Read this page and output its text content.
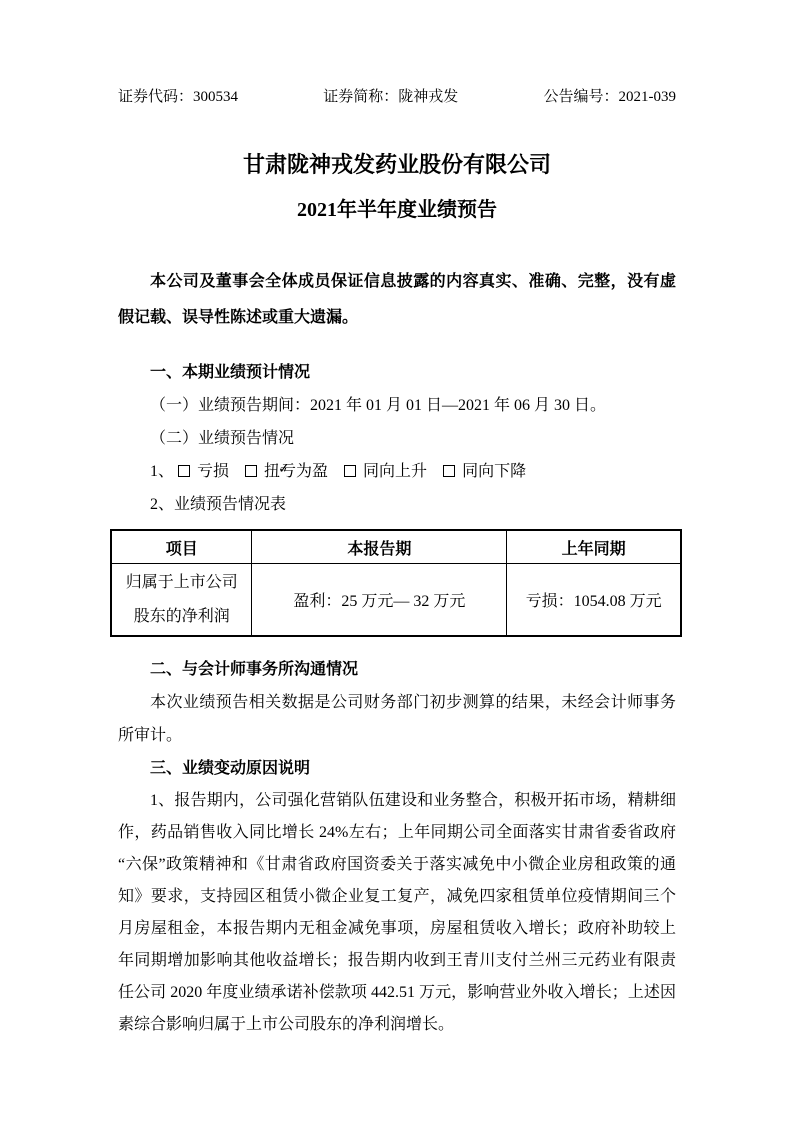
证券代码：300534	证券简称：陇神戎发	公告编号：2021-039
甘肃陇神戎发药业股份有限公司
2021年半年度业绩预告

本公司及董事会全体成员保证信息披露的内容真实、准确、完整，没有虚假记载、误导性陈述或重大遗漏。

一、本期业绩预计情况

（一）业绩预告期间：2021 年 01 月 01 日—2021 年 06 月 30 日。

（二）业绩预告情况

1、 亏损 ✓ 扭亏为盈 同向上升 同向下降

2、业绩预告情况表

项目	本报告期	上年同期

归属于上市公司
股东的净利润	盈利：25 万元— 32 万元	亏损：1054.08 万元

二、与会计师事务所沟通情况

本次业绩预告相关数据是公司财务部门初步测算的结果，未经会计师事务所审计。

三、业绩变动原因说明

1、报告期内，公司强化营销队伍建设和业务整合，积极开拓市场，精耕细作，药品销售收入同比增长 24%左右；上年同期公司全面落实甘肃省委省政府“六保”政策精神和《甘肃省政府国资委关于落实减免中小微企业房租政策的通知》要求，支持园区租赁小微企业复工复产，减免四家租赁单位疫情期间三个月房屋租金，本报告期内无租金减免事项，房屋租赁收入增长；政府补助较上年同期增加影响其他收益增长；报告期内收到王青川支付兰州三元药业有限责任公司 2020 年度业绩承诺补偿款项 442.51 万元，影响营业外收入增长；上述因素综合影响归属于上市公司股东的净利润增长。
